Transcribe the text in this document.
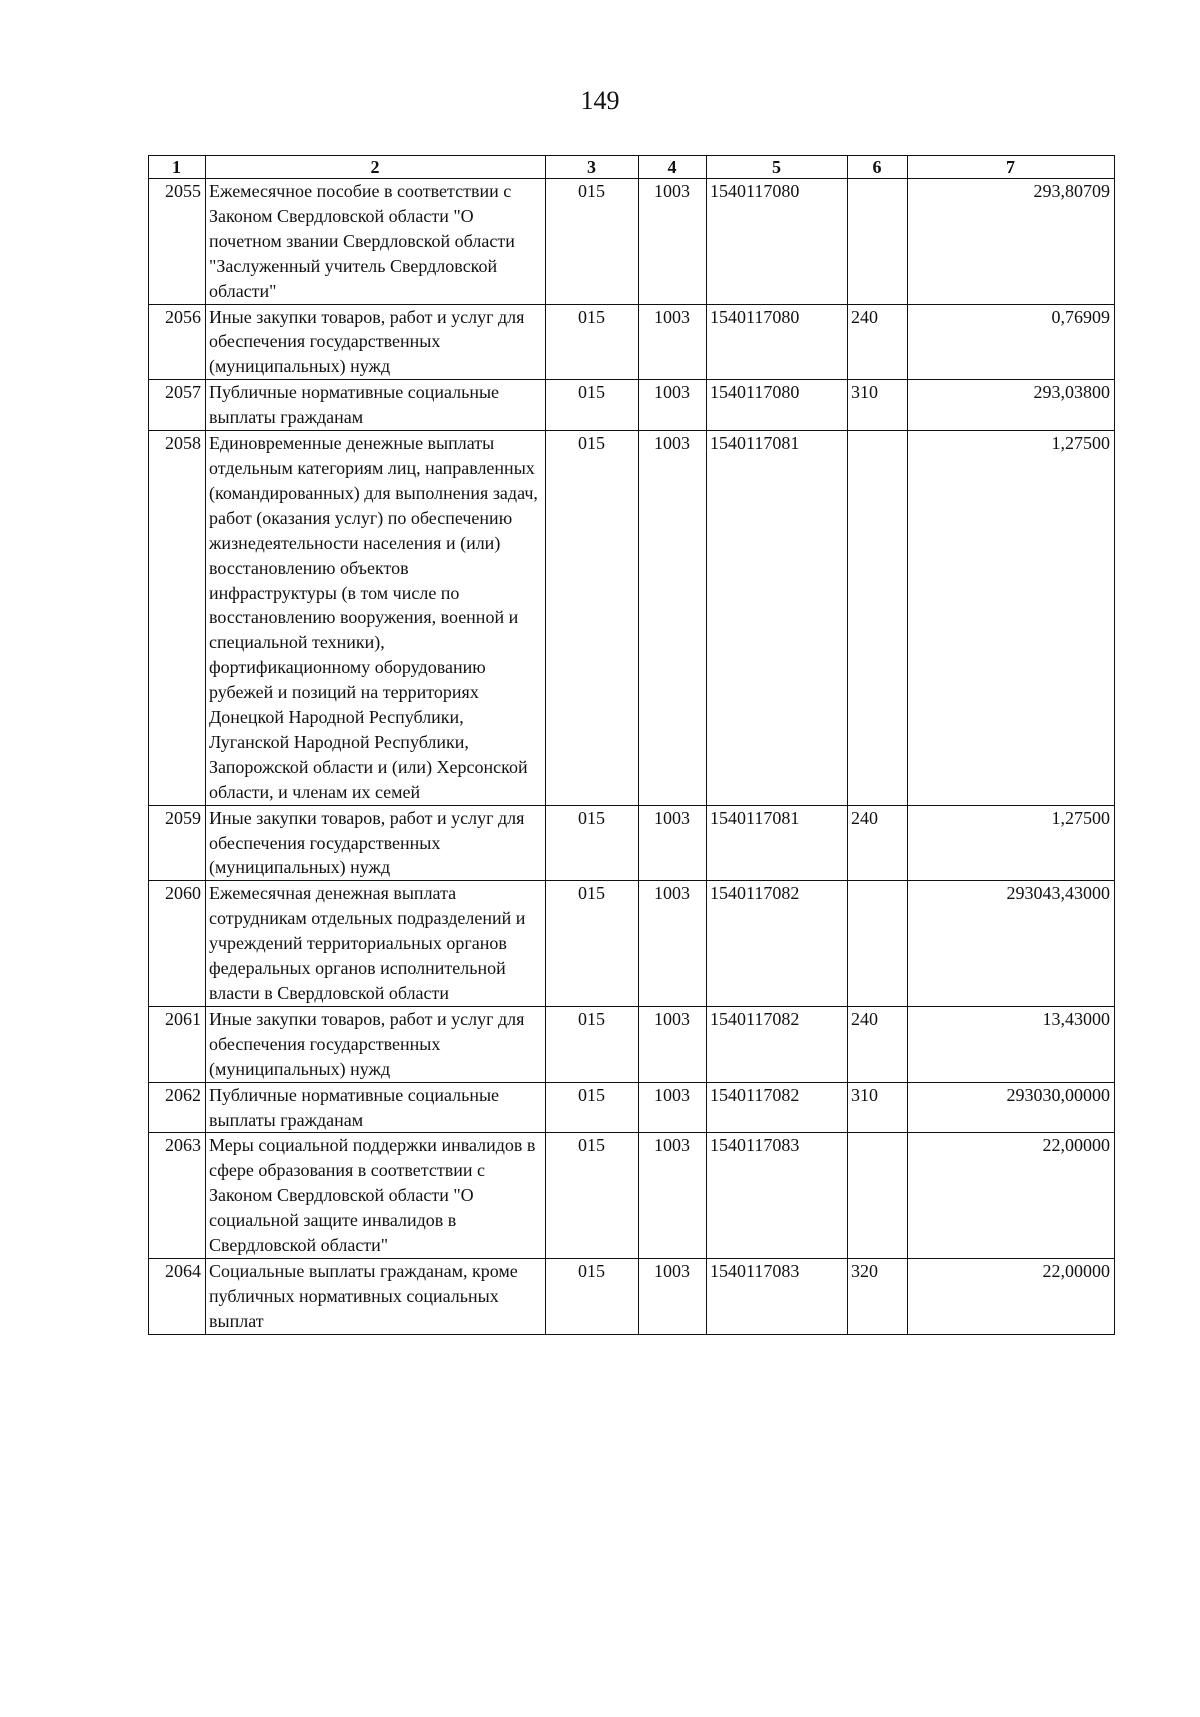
149
1	2	3	4	5	6	7
2055	Ежемесячное пособие в соответствии с Законом Свердловской области "О почетном звании Свердловской области "Заслуженный учитель Свердловской области"	015	1003	1540117080		293,80709
2056	Иные закупки товаров, работ и услуг для обеспечения государственных (муниципальных) нужд	015	1003	1540117080	240	0,76909
2057	Публичные нормативные социальные выплаты гражданам	015	1003	1540117080	310	293,03800
2058	Единовременные денежные выплаты отдельным категориям лиц, направленных (командированных) для выполнения задач, работ (оказания услуг) по обеспечению жизнедеятельности населения и (или) восстановлению объектов инфраструктуры (в том числе по восстановлению вооружения, военной и специальной техники), фортификационному оборудованию рубежей и позиций на территориях Донецкой Народной Республики, Луганской Народной Республики, Запорожской области и (или) Херсонской области, и членам их семей	015	1003	1540117081		1,27500
2059	Иные закупки товаров, работ и услуг для обеспечения государственных (муниципальных) нужд	015	1003	1540117081	240	1,27500
2060	Ежемесячная денежная выплата сотрудникам отдельных подразделений и учреждений территориальных органов федеральных органов исполнительной власти в Свердловской области	015	1003	1540117082		293043,43000
2061	Иные закупки товаров, работ и услуг для обеспечения государственных (муниципальных) нужд	015	1003	1540117082	240	13,43000
2062	Публичные нормативные социальные выплаты гражданам	015	1003	1540117082	310	293030,00000
2063	Меры социальной поддержки инвалидов в сфере образования в соответствии с Законом Свердловской области "О социальной защите инвалидов в Свердловской области"	015	1003	1540117083		22,00000
2064	Социальные выплаты гражданам, кроме публичных нормативных социальных выплат	015	1003	1540117083	320	22,00000
